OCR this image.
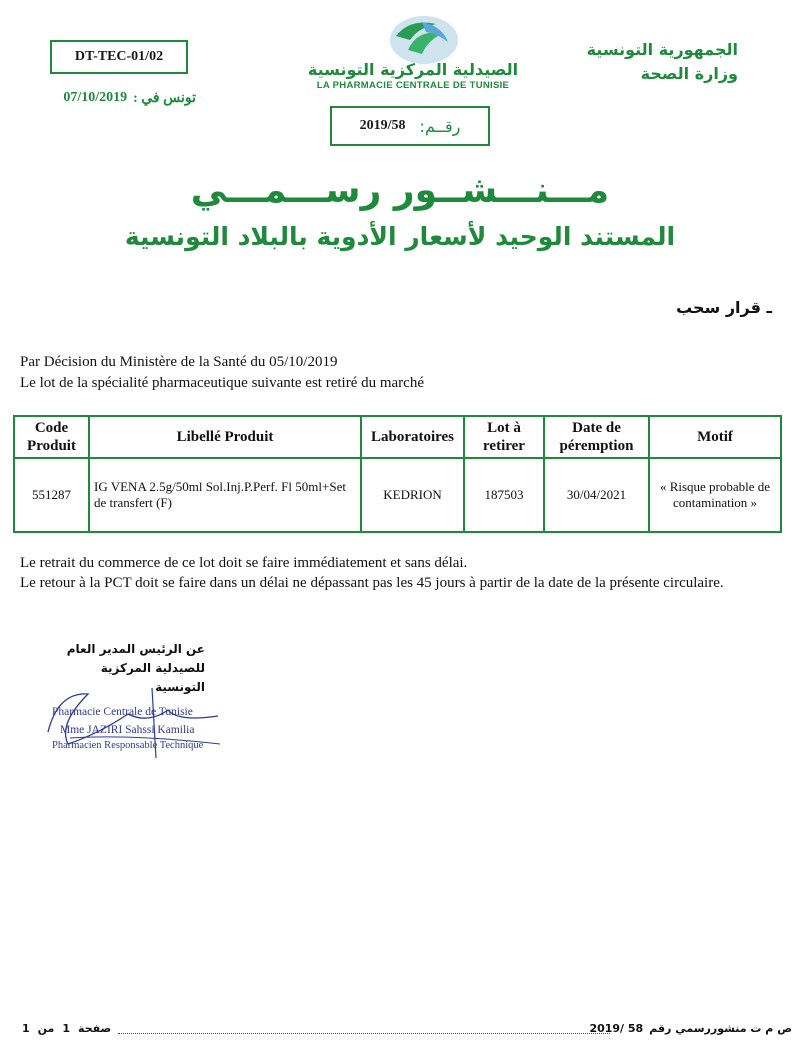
DT-TEC-01/02
07/10/2019 تونس في :
الصيدلية المركزية التونسية
LA PHARMACIE CENTRALE DE TUNISIE
الجمهورية التونسية
وزارة الصحة
2019/58 رقــم:
مـــنـــشــور رســـمـــي
المستند الوحيد لأسعار الأدوية بالبلاد التونسية
ـ قرار سحب
Par Décision du Ministère de la Santé du 05/10/2019
Le lot de la spécialité pharmaceutique suivante est retiré du marché
Code Produit	Libellé Produit	Laboratoires	Lot à retirer	Date de péremption	Motif
551287	IG VENA 2.5g/50ml Sol.Inj.P.Perf. Fl 50ml+Set de transfert (F)	KEDRION	187503	30/04/2021	« Risque probable de contamination »
Le retrait du commerce de ce lot doit se faire immédiatement et sans délai.
Le retour à la PCT doit se faire dans un délai ne dépassant pas les 45 jours à partir de la date de la présente circulaire.
عن الرئيس المدير العام
للصيدلية المركزية التونسية
Pharmacie Centrale de Tunisie
Mme JAZIRI Sahssi Kamilia
Pharmacien Responsable Technique
صفحة
1
من
1	ص م ت منشوررسمي رقم
2019/ 58
